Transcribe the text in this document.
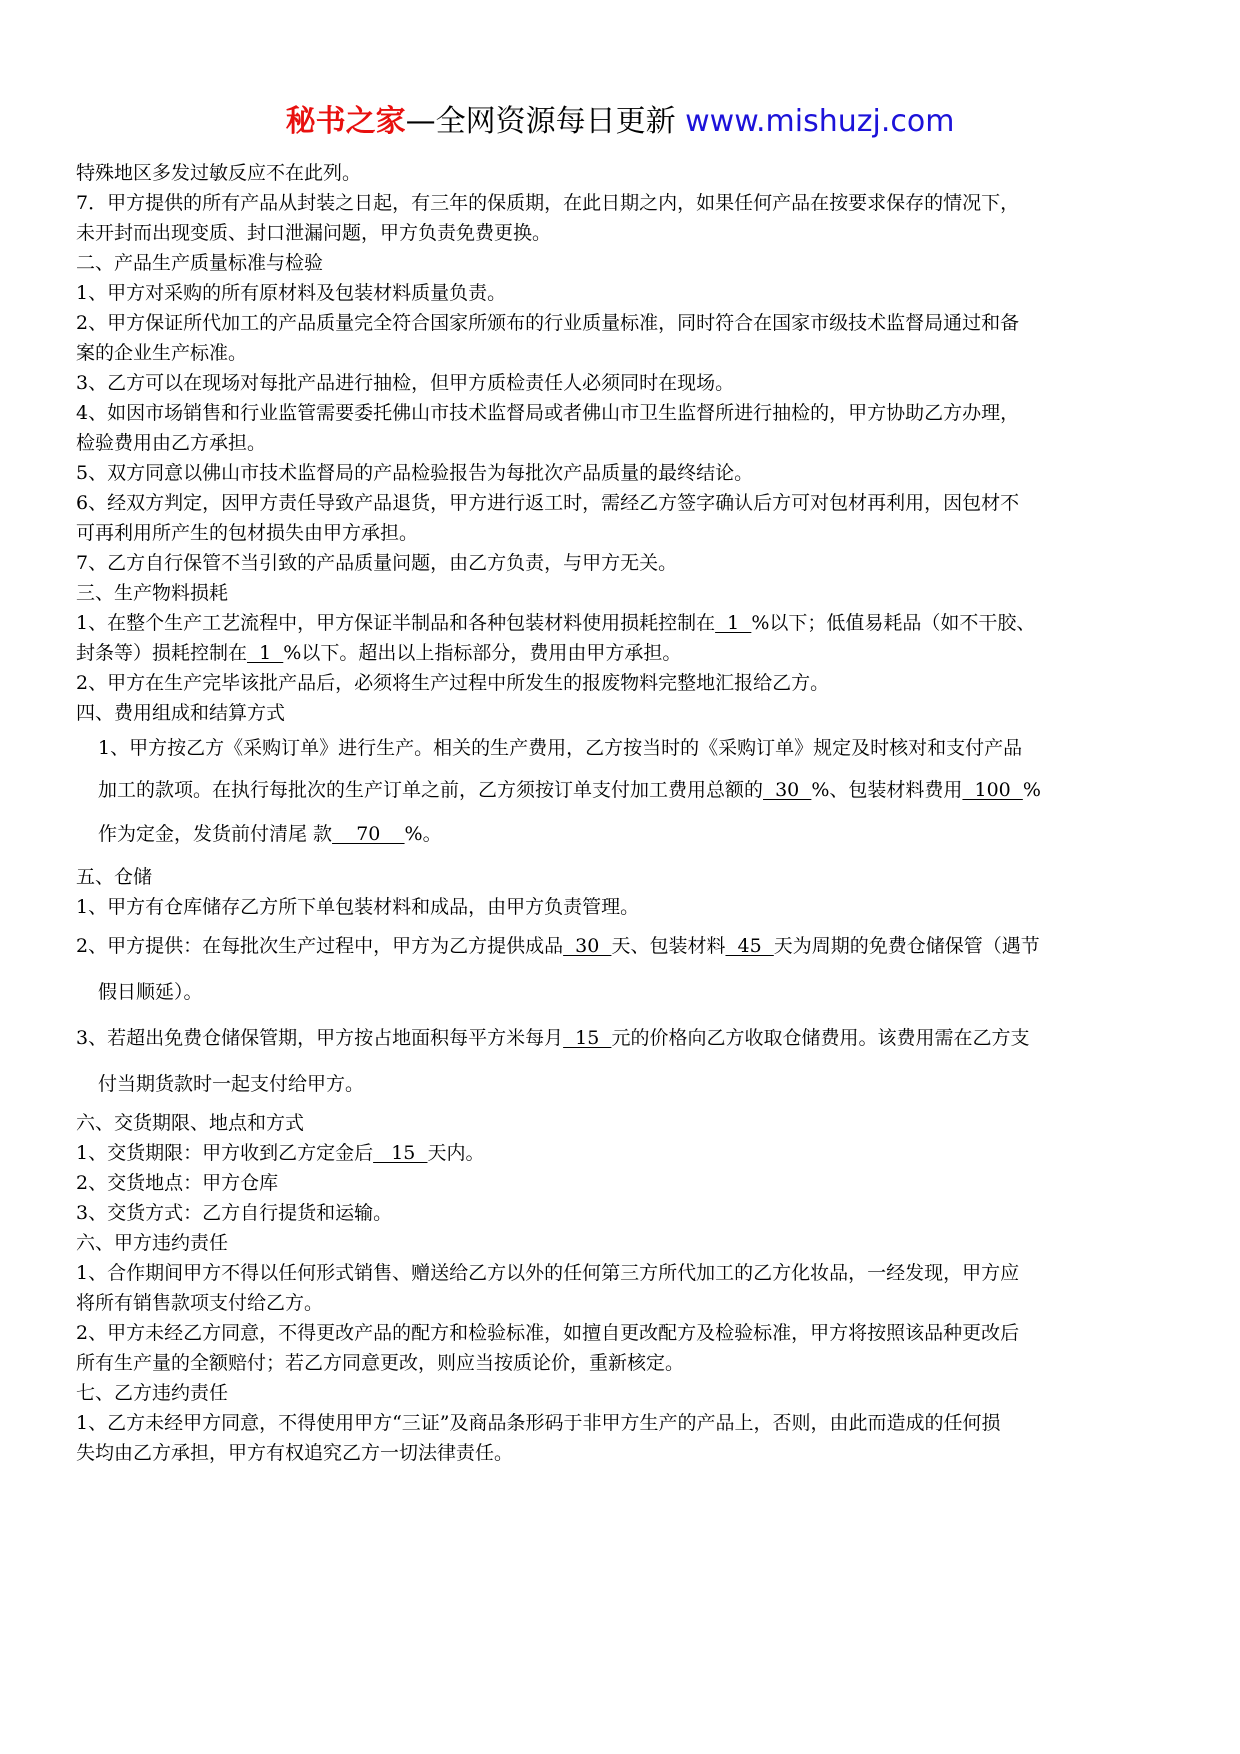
秘书之家—全网资源每日更新 www.mishuzj.com
特殊地区多发过敏反应不在此列。
7．甲方提供的所有产品从封装之日起，有三年的保质期，在此日期之内，如果任何产品在按要求保存的情况下，
未开封而出现变质、封口泄漏问题，甲方负责免费更换。
二、产品生产质量标准与检验
1、甲方对采购的所有原材料及包装材料质量负责。
2、甲方保证所代加工的产品质量完全符合国家所颁布的行业质量标准，同时符合在国家市级技术监督局通过和备
案的企业生产标准。
3、乙方可以在现场对每批产品进行抽检，但甲方质检责任人必须同时在现场。
4、如因市场销售和行业监管需要委托佛山市技术监督局或者佛山市卫生监督所进行抽检的，甲方协助乙方办理，
检验费用由乙方承担。
5、双方同意以佛山市技术监督局的产品检验报告为每批次产品质量的最终结论。
6、经双方判定，因甲方责任导致产品退货，甲方进行返工时，需经乙方签字确认后方可对包材再利用，因包材不
可再利用所产生的包材损失由甲方承担。
7、乙方自行保管不当引致的产品质量问题，由乙方负责，与甲方无关。
三、生产物料损耗
1、在整个生产工艺流程中，甲方保证半制品和各种包装材料使用损耗控制在  1  %以下；低值易耗品（如不干胶、
封条等）损耗控制在  1  %以下。超出以上指标部分，费用由甲方承担。
2、甲方在生产完毕该批产品后，必须将生产过程中所发生的报废物料完整地汇报给乙方。
四、费用组成和结算方式
1、甲方按乙方《采购订单》进行生产。相关的生产费用，乙方按当时的《采购订单》规定及时核对和支付产品
加工的款项。在执行每批次的生产订单之前，乙方须按订单支付加工费用总额的  30  %、包装材料费用  100  %
作为定金，发货前付清尾 款    70    %。
五、仓储
1、甲方有仓库储存乙方所下单包装材料和成品，由甲方负责管理。
2、甲方提供：在每批次生产过程中，甲方为乙方提供成品  30  天、包装材料  45  天为周期的免费仓储保管（遇节
假日顺延）。
3、若超出免费仓储保管期，甲方按占地面积每平方米每月  15  元的价格向乙方收取仓储费用。该费用需在乙方支
付当期货款时一起支付给甲方。
六、交货期限、地点和方式
1、交货期限：甲方收到乙方定金后   15  天内。
2、交货地点：甲方仓库
3、交货方式：乙方自行提货和运输。
六、甲方违约责任
1、合作期间甲方不得以任何形式销售、赠送给乙方以外的任何第三方所代加工的乙方化妆品，一经发现，甲方应
将所有销售款项支付给乙方。
2、甲方未经乙方同意，不得更改产品的配方和检验标准，如擅自更改配方及检验标准，甲方将按照该品种更改后
所有生产量的全额赔付；若乙方同意更改，则应当按质论价，重新核定。
七、乙方违约责任
1、乙方未经甲方同意，不得使用甲方“三证”及商品条形码于非甲方生产的产品上，否则，由此而造成的任何损
失均由乙方承担，甲方有权追究乙方一切法律责任。
